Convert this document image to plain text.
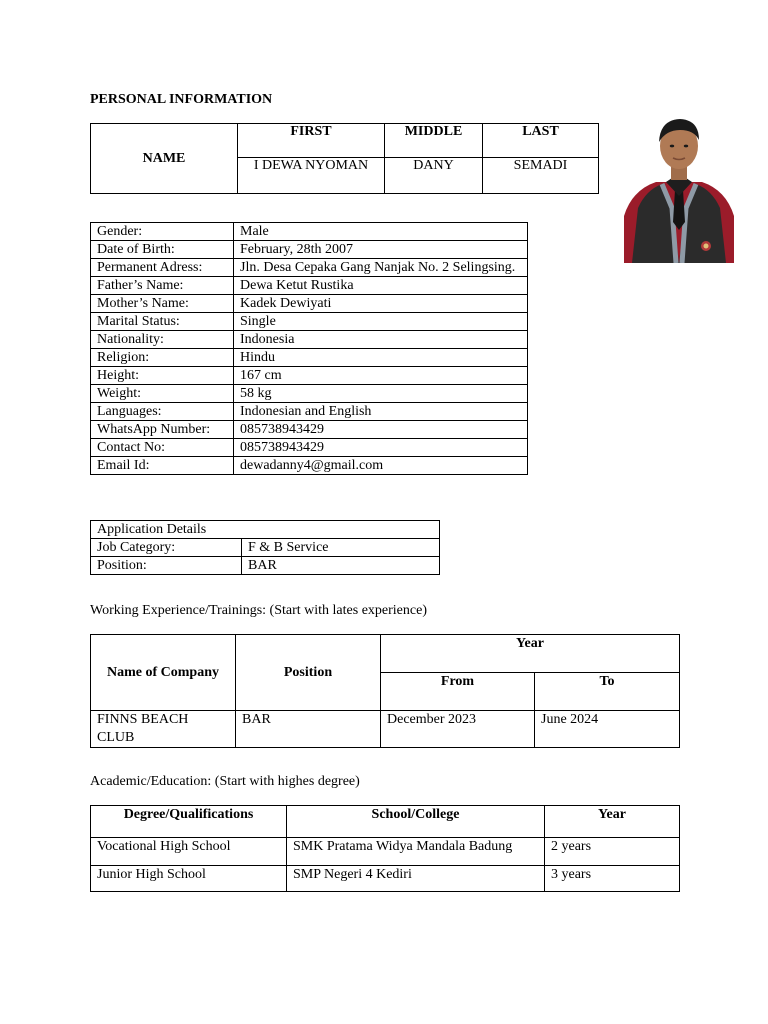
PERSONAL INFORMATION
NAME	FIRST	MIDDLE	LAST
	I DEWA NYOMAN	DANY	SEMADI
Gender:	Male
Date of Birth:	February, 28th 2007
Permanent Adress:	Jln. Desa Cepaka Gang Nanjak No. 2 Selingsing.
Father’s Name:	Dewa Ketut Rustika
Mother’s Name:	Kadek Dewiyati
Marital Status:	Single
Nationality:	Indonesia
Religion:	Hindu
Height:	167 cm
Weight:	58 kg
Languages:	Indonesian and English
WhatsApp Number:	085738943429
Contact No:	085738943429
Email Id:	dewadanny4@gmail.com
Application Details	
Job Category:	F & B Service
Position:	BAR
Working Experience/Trainings: (Start with lates experience)
Name of Company	Position	Year	
		From	To
FINNS BEACH CLUB	BAR	December 2023	June 2024
Academic/Education: (Start with highes degree)
Degree/Qualifications	School/College	Year
Vocational High School	SMK Pratama Widya Mandala Badung	2 years
Junior High School	SMP Negeri 4 Kediri	3 years
